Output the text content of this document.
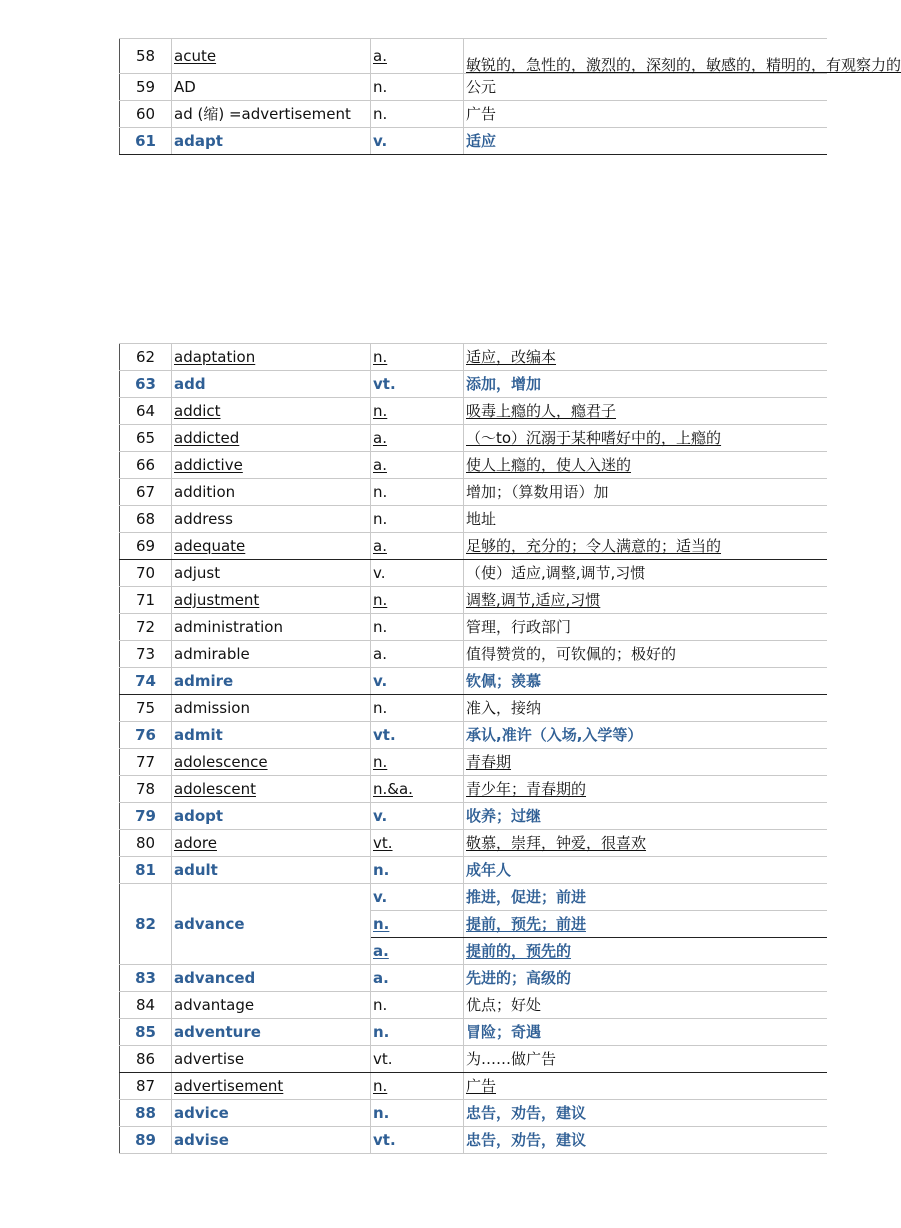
58	acute	a.	敏锐的，急性的，激烈的，深刻的，敏感的，精明的，有观察力的
59	AD	n.	公元
60	ad (缩) =advertisement	n.	广告
61	adapt	v.	适应
62	adaptation	n.	适应，改编本
63	add	vt.	添加，增加
64	addict	n.	吸毒上瘾的人，瘾君子
65	addicted	a.	（～to）沉溺于某种嗜好中的，上瘾的
66	addictive	a.	使人上瘾的，使人入迷的
67	addition	n.	增加；（算数用语）加
68	address	n.	地址
69	adequate	a.	足够的，充分的；令人满意的；适当的
70	adjust	v.	（使）适应,调整,调节,习惯
71	adjustment	n.	调整,调节,适应,习惯
72	administration	n.	管理，行政部门
73	admirable	a.	值得赞赏的，可钦佩的；极好的
74	admire	v.	钦佩；羡慕
75	admission	n.	准入，接纳
76	admit	vt.	承认,准许（入场,入学等）
77	adolescence	n.	青春期
78	adolescent	n.&a.	青少年；青春期的
79	adopt	v.	收养；过继
80	adore	vt.	敬慕，崇拜，钟爱，很喜欢
81	adult	n.	成年人
82	advance	v.	推进，促进；前进
		n.	提前，预先；前进
		a.	提前的，预先的
83	advanced	a.	先进的；高级的
84	advantage	n.	优点；好处
85	adventure	n.	冒险；奇遇
86	advertise	vt.	为……做广告
87	advertisement	n.	广告
88	advice	n.	忠告，劝告，建议
89	advise	vt.	忠告，劝告，建议
